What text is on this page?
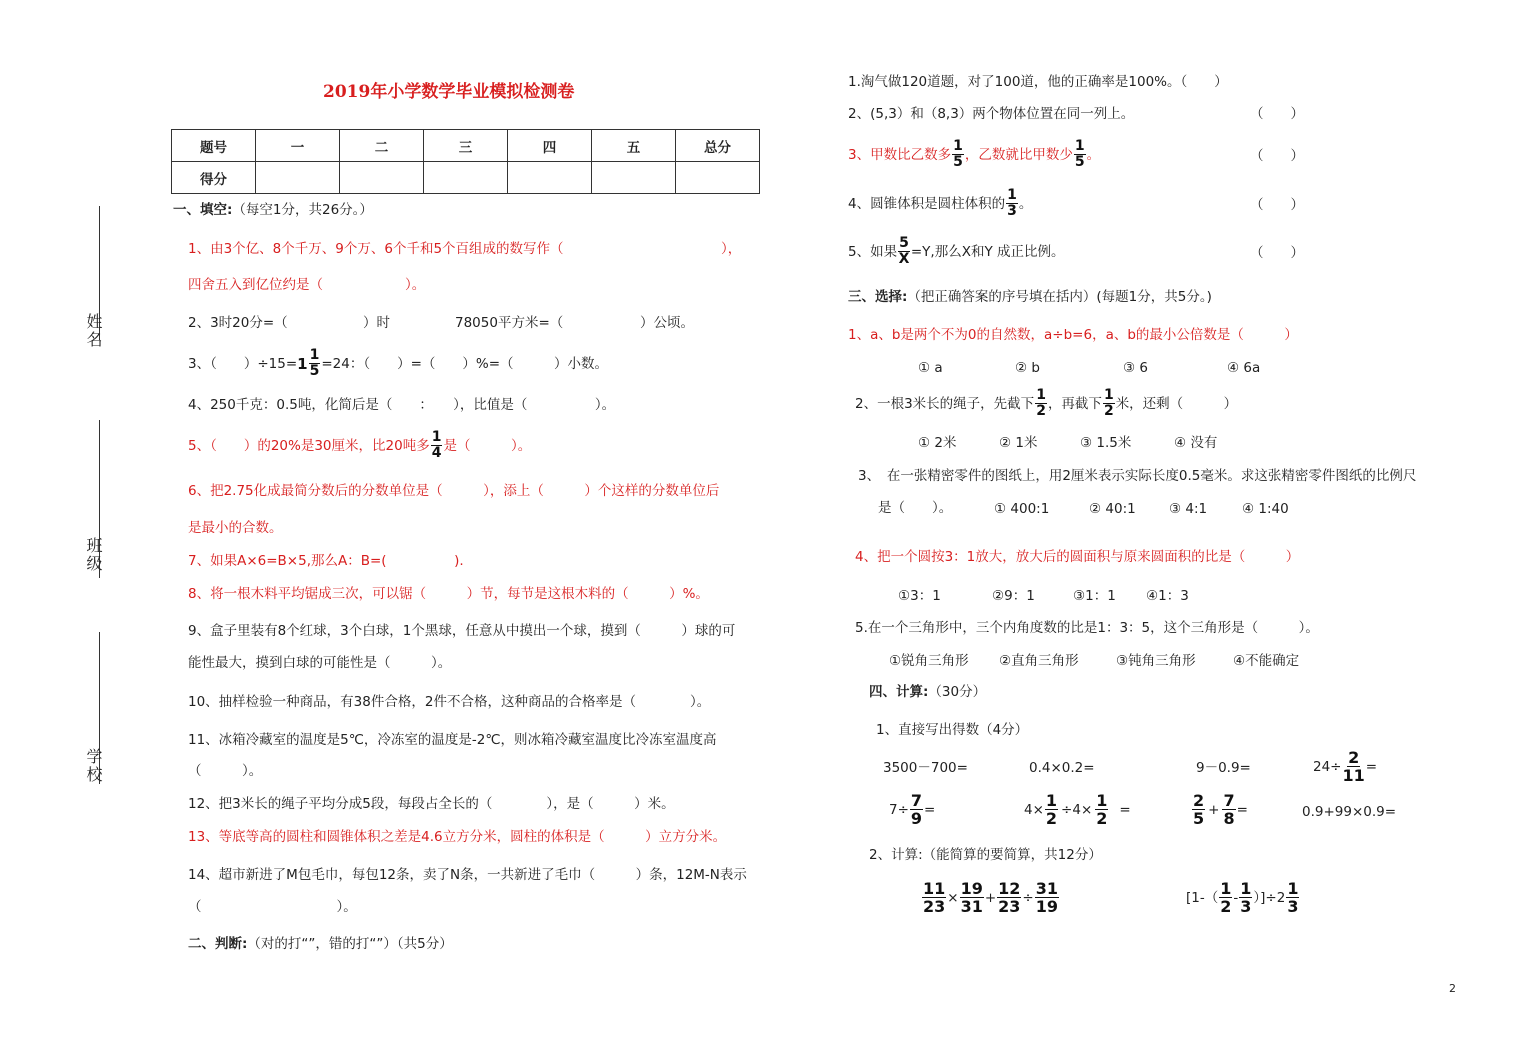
2019年小学数学毕业模拟检测卷
题号	一	二	三	四	五	总分
得分						
姓名
班级
学校
一、填空:（每空1分，共26分。）
1、由3个亿、8个千万、9个万、6个千和5个百组成的数写作（	），
四舍五入到亿位约是（	）。
2、3时20分=（	）时	78050平方米=（	）公顷。
3、（　　）$\div 15= 1 \frac{1}{5} =24$：（　　）=（　　）%=（　　　）小数。
4、250千克：0.5吨，化简后是（　　：　　），比值是（　　　　　）。
5、（　　）的20%是30厘米，比20吨多 $\frac{1}{4}$ 是（　　　）。
6、把2.75化成最简分数后的分数单位是（　　　），添上（　　　）个这样的分数单位后
是最小的合数。
7、如果A×6=B×5,那么A：B=(　　　　　).
8、将一根木料平均锯成三次，可以锯（　　　）节，每节是这根木料的（　　　）%。
9、盒子里装有8个红球，3个白球，1个黑球，任意从中摸出一个球，摸到（　　　）球的可
能性最大，摸到白球的可能性是（　　　）。
10、抽样检验一种商品，有38件合格，2件不合格，这种商品的合格率是（　　　　）。
11、冰箱冷藏室的温度是5℃，冷冻室的温度是-2℃，则冰箱冷藏室温度比冷冻室温度高
（　　　）。
12、把3米长的绳子平均分成5段，每段占全长的（　　　　），是（　　　）米。
13、等底等高的圆柱和圆锥体积之差是4.6立方分米，圆柱的体积是（　　　）立方分米。
14、超市新进了M包毛巾，每包12条，卖了N条，一共新进了毛巾（　　　）条，12M-N表示
（　　　　　　　　　　）。
二、判断:（对的打“”，错的打“”）（共5分）
1.淘气做120道题，对了100道，他的正确率是100%。（　　）
2、(5,3）和（8,3）两个物体位置在同一列上。	（　　）
3、甲数比乙数多 $\frac{1}{5}$ ，乙数就比甲数少 $\frac{1}{5}$ 。	（　　）
4、圆锥体积是圆柱体积的 $\frac{1}{3}$ 。	（　　）
5、如果 $\frac{5}{X} =Y$,那么X和Y 成正比例。	（　　）
三、选择:（把正确答案的序号填在括内）(每题1分，共5分。)
1、a、b是两个不为0的自然数，a÷b=6，a、b的最小公倍数是（　　　）
① a	② b	③ 6	④ 6a
2、一根3米长的绳子，先截下 $\frac{1}{2}$ ，再截下 $\frac{1}{2}$ 米，还剩（　　　）
① 2米	② 1米	③ 1.5米	④ 没有
3、　在一张精密零件的图纸上，用2厘米表示实际长度0.5毫米。求这张精密零件图纸的比例尺
是（　　）。	① 400:1	② 40:1 ③ 4:1	④ 1:40
4、把一个圆按3：1放大，放大后的圆面积与原来圆面积的比是（　　　）
①3：1	②9：1	③1：1 ④1：3
5.在一个三角形中，三个内角度数的比是1：3：5，这个三角形是（　　　）。
①锐角三角形 ②直角三角形	③钝角三角形	④不能确定
四、计算:（30分）
1、直接写出得数（4分）
3500－700=	0.4×0.2=	9－0.9=	$24\div \frac{2}{11}$ =
$7\div \frac{7}{9}$ =	$4\times \frac{1}{2} \div 4\times \frac{1}{2}$ =	$\frac{2}{5} + \frac{7}{8}$ =	0.9+99×0.9=
2、计算:（能简算的要简算，共12分）
$\frac{11}{23} \times \frac{19}{31} + \frac{12}{23} \div \frac{31}{19}$	$[1-( \frac{1}{2} - \frac{1}{3} )]\div 2 \frac{1}{3}$
2
